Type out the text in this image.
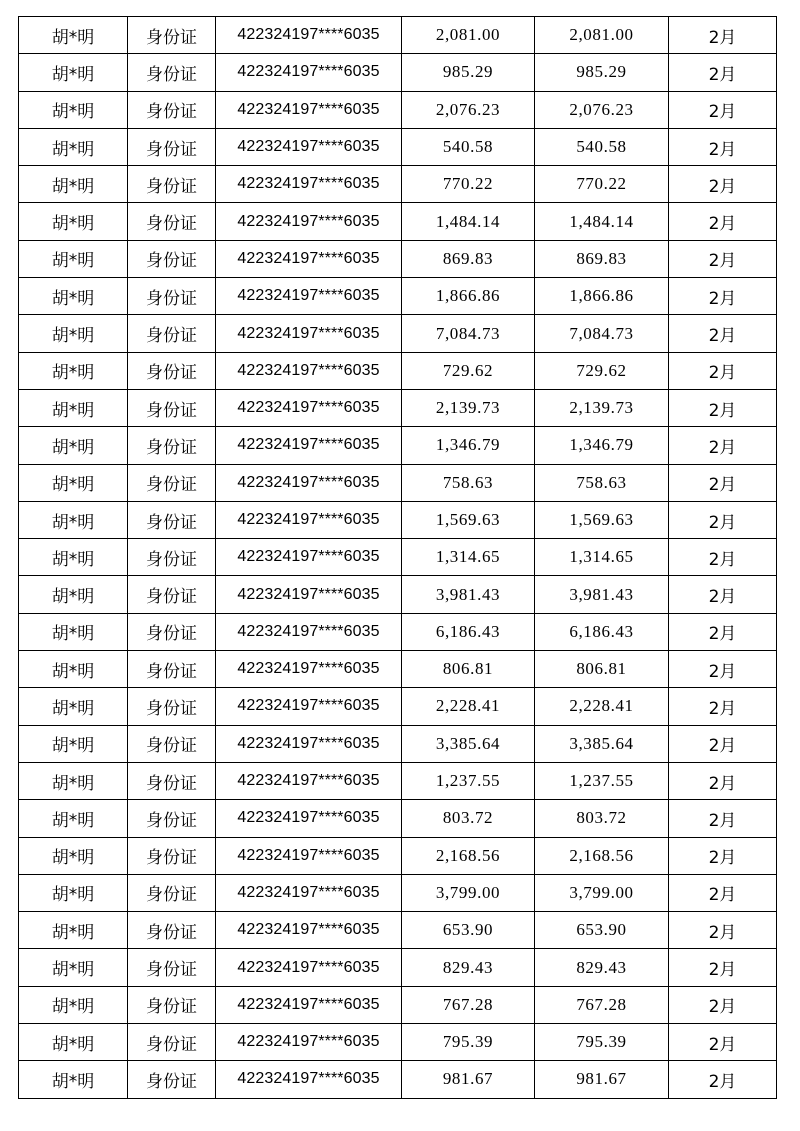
胡*明	身份证	422324197****6035	2,081.00	2,081.00	2月
胡*明	身份证	422324197****6035	985.29	985.29	2月
胡*明	身份证	422324197****6035	2,076.23	2,076.23	2月
胡*明	身份证	422324197****6035	540.58	540.58	2月
胡*明	身份证	422324197****6035	770.22	770.22	2月
胡*明	身份证	422324197****6035	1,484.14	1,484.14	2月
胡*明	身份证	422324197****6035	869.83	869.83	2月
胡*明	身份证	422324197****6035	1,866.86	1,866.86	2月
胡*明	身份证	422324197****6035	7,084.73	7,084.73	2月
胡*明	身份证	422324197****6035	729.62	729.62	2月
胡*明	身份证	422324197****6035	2,139.73	2,139.73	2月
胡*明	身份证	422324197****6035	1,346.79	1,346.79	2月
胡*明	身份证	422324197****6035	758.63	758.63	2月
胡*明	身份证	422324197****6035	1,569.63	1,569.63	2月
胡*明	身份证	422324197****6035	1,314.65	1,314.65	2月
胡*明	身份证	422324197****6035	3,981.43	3,981.43	2月
胡*明	身份证	422324197****6035	6,186.43	6,186.43	2月
胡*明	身份证	422324197****6035	806.81	806.81	2月
胡*明	身份证	422324197****6035	2,228.41	2,228.41	2月
胡*明	身份证	422324197****6035	3,385.64	3,385.64	2月
胡*明	身份证	422324197****6035	1,237.55	1,237.55	2月
胡*明	身份证	422324197****6035	803.72	803.72	2月
胡*明	身份证	422324197****6035	2,168.56	2,168.56	2月
胡*明	身份证	422324197****6035	3,799.00	3,799.00	2月
胡*明	身份证	422324197****6035	653.90	653.90	2月
胡*明	身份证	422324197****6035	829.43	829.43	2月
胡*明	身份证	422324197****6035	767.28	767.28	2月
胡*明	身份证	422324197****6035	795.39	795.39	2月
胡*明	身份证	422324197****6035	981.67	981.67	2月
